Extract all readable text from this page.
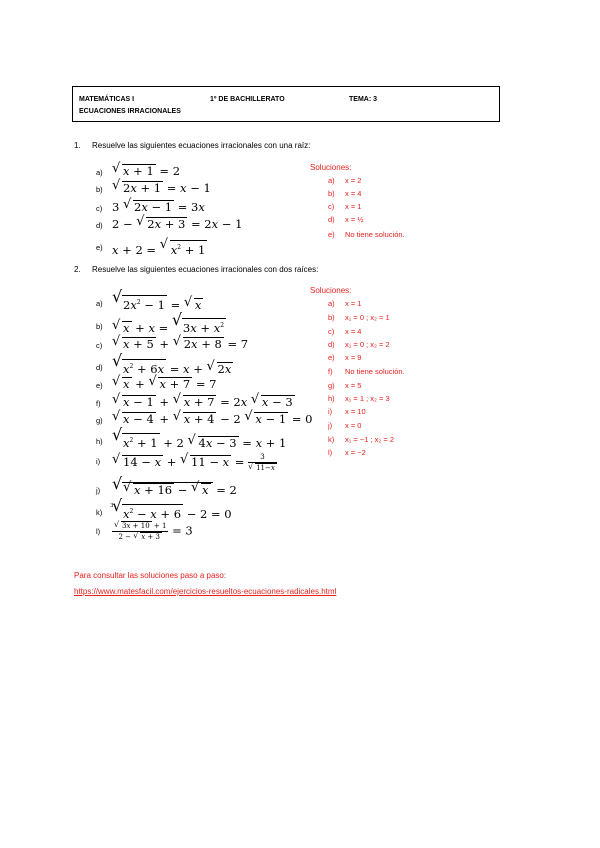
MATEMÁTICAS I	1º DE BACHILLERATO	TEMA: 3
ECUACIONES IRRACIONALES
1. Resuelve las siguientes ecuaciones irracionales con una raíz:
a)
b)
c)
d)
e)
√ x + 1 = 2
√ 2x + 1 = x − 1
3 √ 2x − 1 = 3x
2 − √ 2x + 3 = 2x − 1
x + 2 = √ $x^2 + 1$
Soluciones:
a) x = 2
b) x = 4
c) x = 1
d) x = ½
e) No tiene solución.
2. Resuelve las siguientes ecuaciones irracionales con dos raíces:
a)
b)
c)
d)
e)
f)
g)
h)
i)
j)
k)
l)
√ $2x^2 - 1$ = √ x
√ x + x = √ $3x + x^2$
√ x + 5 + √ 2x + 8 = 7
√ $x^2 + 6x = x$ + √ 2x
√ x + √ x + 7 = 7
√ x − 1 + √ x + 7 = 2x √ x − 3
√ x − 4 + √ x + 4 − 2 √ x − 1 = 0
√ $x^2 + 1 + 2$ √ 4x − 3 = x + 1
√ 14 − x + √ 11 − x = 3
√ 11−x
√ √ x + 16 − √ x = 2
√ 3
$x^2 - x + 6 - 2 = 0$
√ $\frac{3x + 10 + 1}{2 - √ x + 3} = 3$
Soluciones:
a) x = 1
b) x₁ = 0 ; x₂ = 1
c) x = 4
d) x₁ = 0 ; x₂ = 2
e) x = 9
f) No tiene solución.
g) x = 5
h) x₁ = 1 ; x₂ = 3
i) x = 10
j) x = 0
k) x₁ = −1 ; x₂ = 2
l) x = −2
Para consultar las soluciones paso a paso:
https://www.matesfacil.com/ejercicios-resueltos-ecuaciones-radicales.html
